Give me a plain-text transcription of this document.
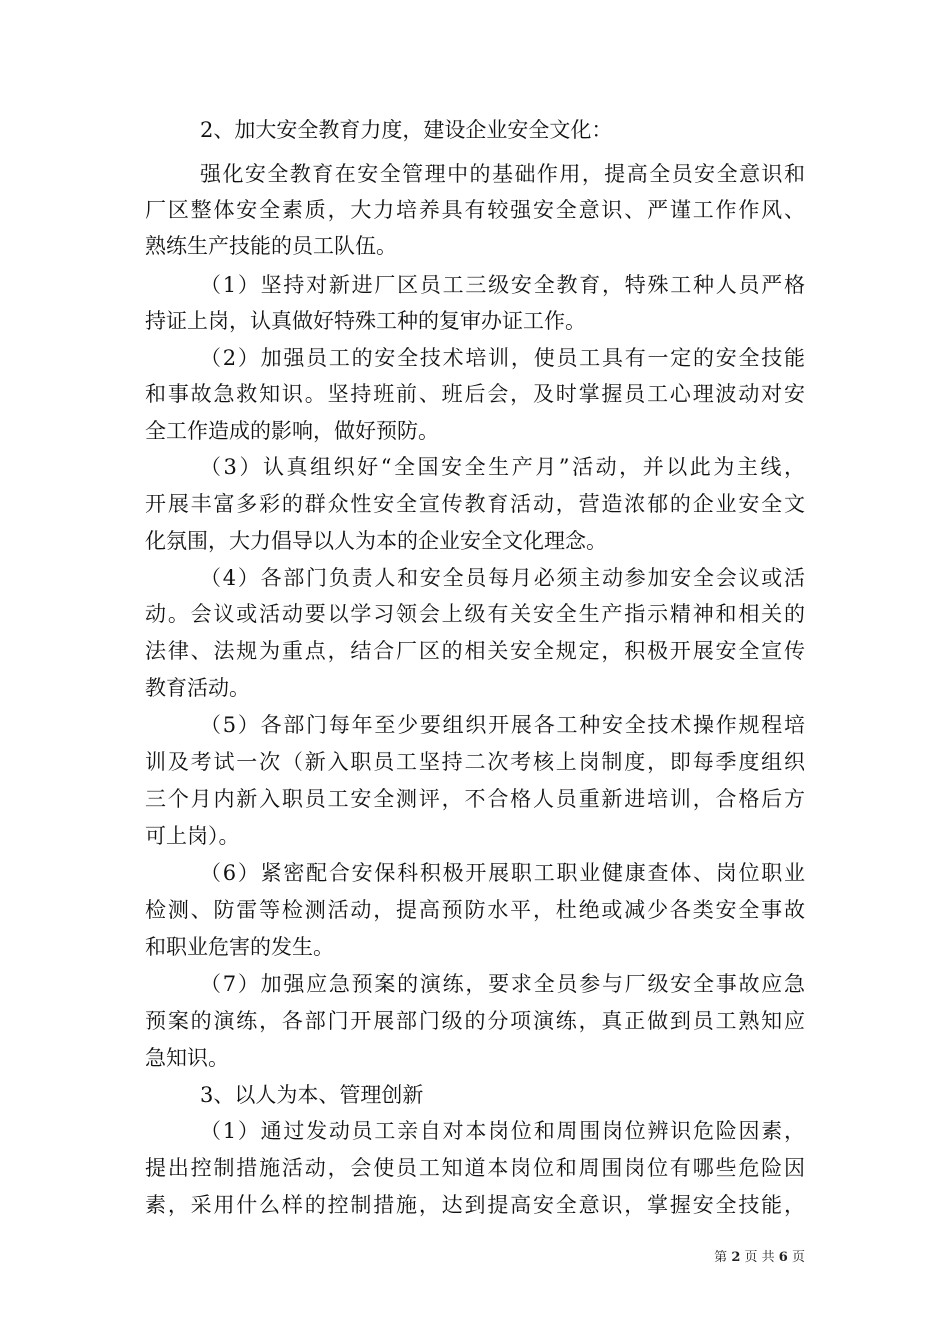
2、加大安全教育力度，建设企业安全文化：
强化安全教育在安全管理中的基础作用，提高全员安全意识和
厂区整体安全素质，大力培养具有较强安全意识、严谨工作作风、
熟练生产技能的员工队伍。
（1）坚持对新进厂区员工三级安全教育，特殊工种人员严格
持证上岗，认真做好特殊工种的复审办证工作。
（2）加强员工的安全技术培训，使员工具有一定的安全技能
和事故急救知识。坚持班前、班后会，及时掌握员工心理波动对安
全工作造成的影响，做好预防。
（3）认真组织好“全国安全生产月”活动，并以此为主线，
开展丰富多彩的群众性安全宣传教育活动，营造浓郁的企业安全文
化氛围，大力倡导以人为本的企业安全文化理念。
（4）各部门负责人和安全员每月必须主动参加安全会议或活
动。会议或活动要以学习领会上级有关安全生产指示精神和相关的
法律、法规为重点，结合厂区的相关安全规定，积极开展安全宣传
教育活动。
（5）各部门每年至少要组织开展各工种安全技术操作规程培
训及考试一次（新入职员工坚持二次考核上岗制度，即每季度组织
三个月内新入职员工安全测评，不合格人员重新进培训，合格后方
可上岗）。
（6）紧密配合安保科积极开展职工职业健康查体、岗位职业
检测、防雷等检测活动，提高预防水平，杜绝或减少各类安全事故
和职业危害的发生。
（7）加强应急预案的演练，要求全员参与厂级安全事故应急
预案的演练，各部门开展部门级的分项演练，真正做到员工熟知应
急知识。
3、以人为本、管理创新
（1）通过发动员工亲自对本岗位和周围岗位辨识危险因素，
提出控制措施活动，会使员工知道本岗位和周围岗位有哪些危险因
素，采用什么样的控制措施，达到提高安全意识，掌握安全技能，
第 2 页 共 6 页
